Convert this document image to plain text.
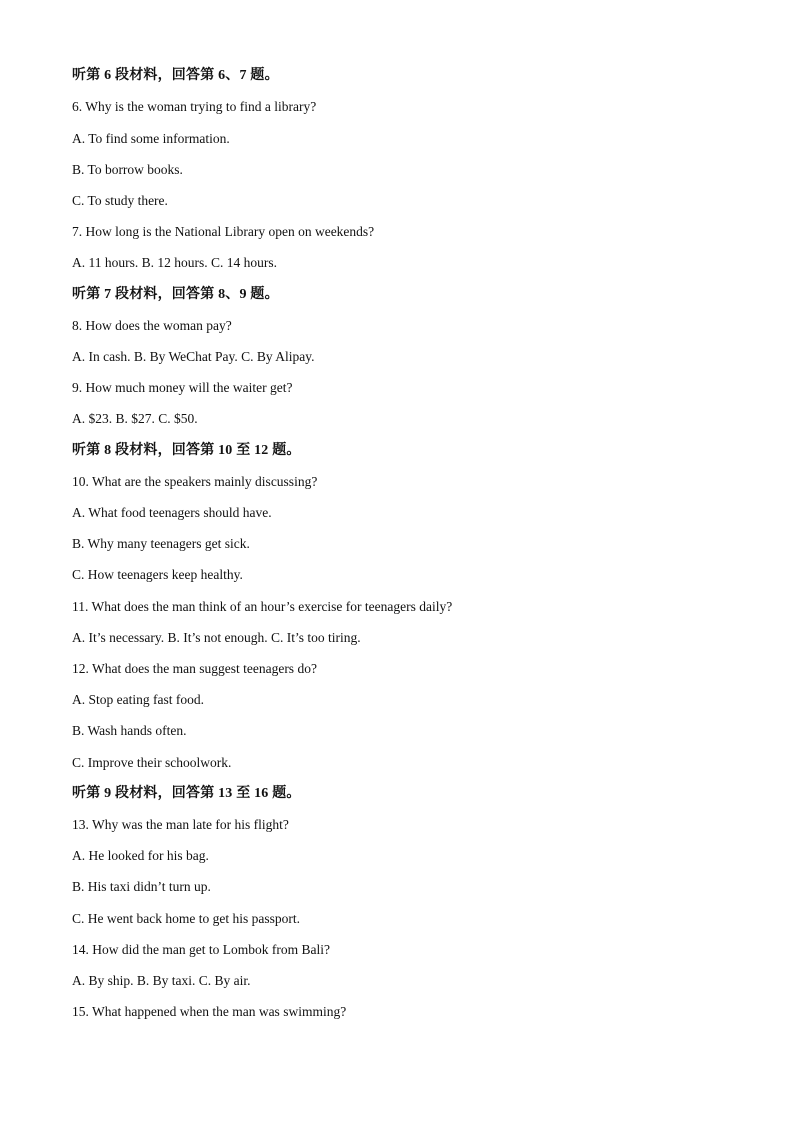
听第 6 段材料，回答第 6、7 题。
6. Why is the woman trying to find a library?
A. To find some information.
B. To borrow books.
C. To study there.
7. How long is the National Library open on weekends?
A. 11 hours. B. 12 hours. C. 14 hours.
听第 7 段材料，回答第 8、9 题。
8. How does the woman pay?
A. In cash. B. By WeChat Pay. C. By Alipay.
9. How much money will the waiter get?
A. $23. B. $27. C. $50.
听第 8 段材料，回答第 10 至 12 题。
10. What are the speakers mainly discussing?
A. What food teenagers should have.
B. Why many teenagers get sick.
C. How teenagers keep healthy.
11. What does the man think of an hour’s exercise for teenagers daily?
A. It’s necessary. B. It’s not enough. C. It’s too tiring.
12. What does the man suggest teenagers do?
A. Stop eating fast food.
B. Wash hands often.
C. Improve their schoolwork.
听第 9 段材料，回答第 13 至 16 题。
13. Why was the man late for his flight?
A. He looked for his bag.
B. His taxi didn’t turn up.
C. He went back home to get his passport.
14. How did the man get to Lombok from Bali?
A. By ship. B. By taxi. C. By air.
15. What happened when the man was swimming?
